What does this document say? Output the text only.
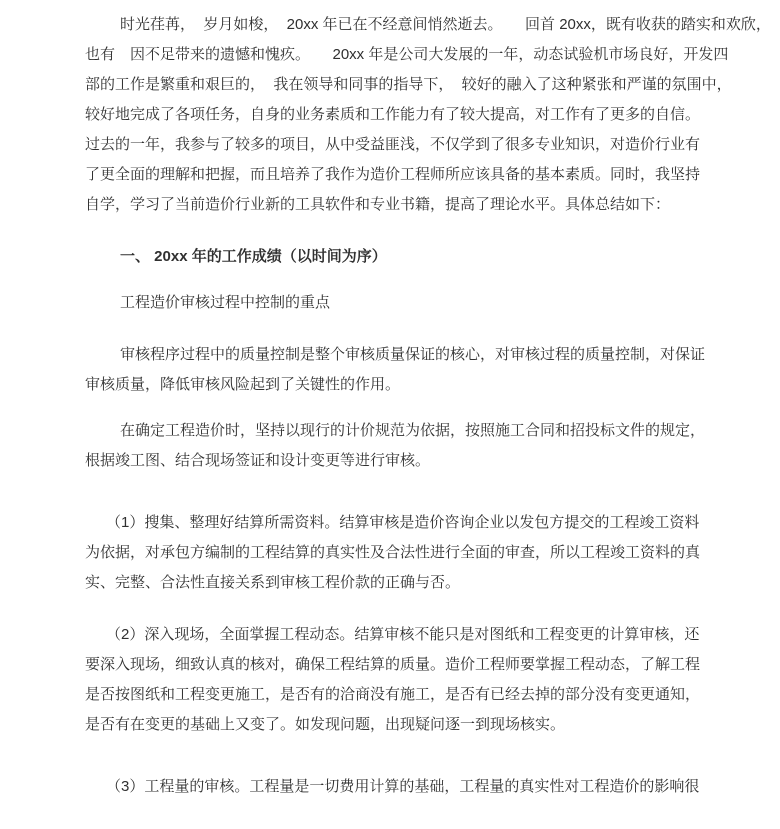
时光荏苒，  岁月如梭，  20xx 年已在不经意间悄然逝去。　　回首 20xx，既有收获的踏实和欢欣，
也有　因不足带来的遗憾和愧疚。　　20xx 年是公司大发展的一年，动态试验机市场良好，开发四
部的工作是繁重和艰巨的，  我在领导和同事的指导下，  较好的融入了这种紧张和严谨的氛围中，
较好地完成了各项任务，自身的业务素质和工作能力有了较大提高，对工作有了更多的自信。
过去的一年，我参与了较多的项目，从中受益匪浅，不仅学到了很多专业知识，对造价行业有
了更全面的理解和把握，而且培养了我作为造价工程师所应该具备的基本素质。同时，我坚持
自学，学习了当前造价行业新的工具软件和专业书籍，提高了理论水平。具体总结如下：

一、 20xx 年的工作成绩（以时间为序）

工程造价审核过程中控制的重点

审核程序过程中的质量控制是整个审核质量保证的核心，对审核过程的质量控制，对保证
审核质量，降低审核风险起到了关键性的作用。

在确定工程造价时，坚持以现行的计价规范为依据，按照施工合同和招投标文件的规定，
根据竣工图、结合现场签证和设计变更等进行审核。

（1）搜集、整理好结算所需资料。结算审核是造价咨询企业以发包方提交的工程竣工资料
为依据，对承包方编制的工程结算的真实性及合法性进行全面的审查，所以工程竣工资料的真
实、完整、合法性直接关系到审核工程价款的正确与否。

（2）深入现场，全面掌握工程动态。结算审核不能只是对图纸和工程变更的计算审核，还
要深入现场，细致认真的核对，确保工程结算的质量。造价工程师要掌握工程动态，了解工程
是否按图纸和工程变更施工，是否有的洽商没有施工，是否有已经去掉的部分没有变更通知，
是否有在变更的基础上又变了。如发现问题，出现疑问逐一到现场核实。

（3）工程量的审核。工程量是一切费用计算的基础，工程量的真实性对工程造价的影响很
